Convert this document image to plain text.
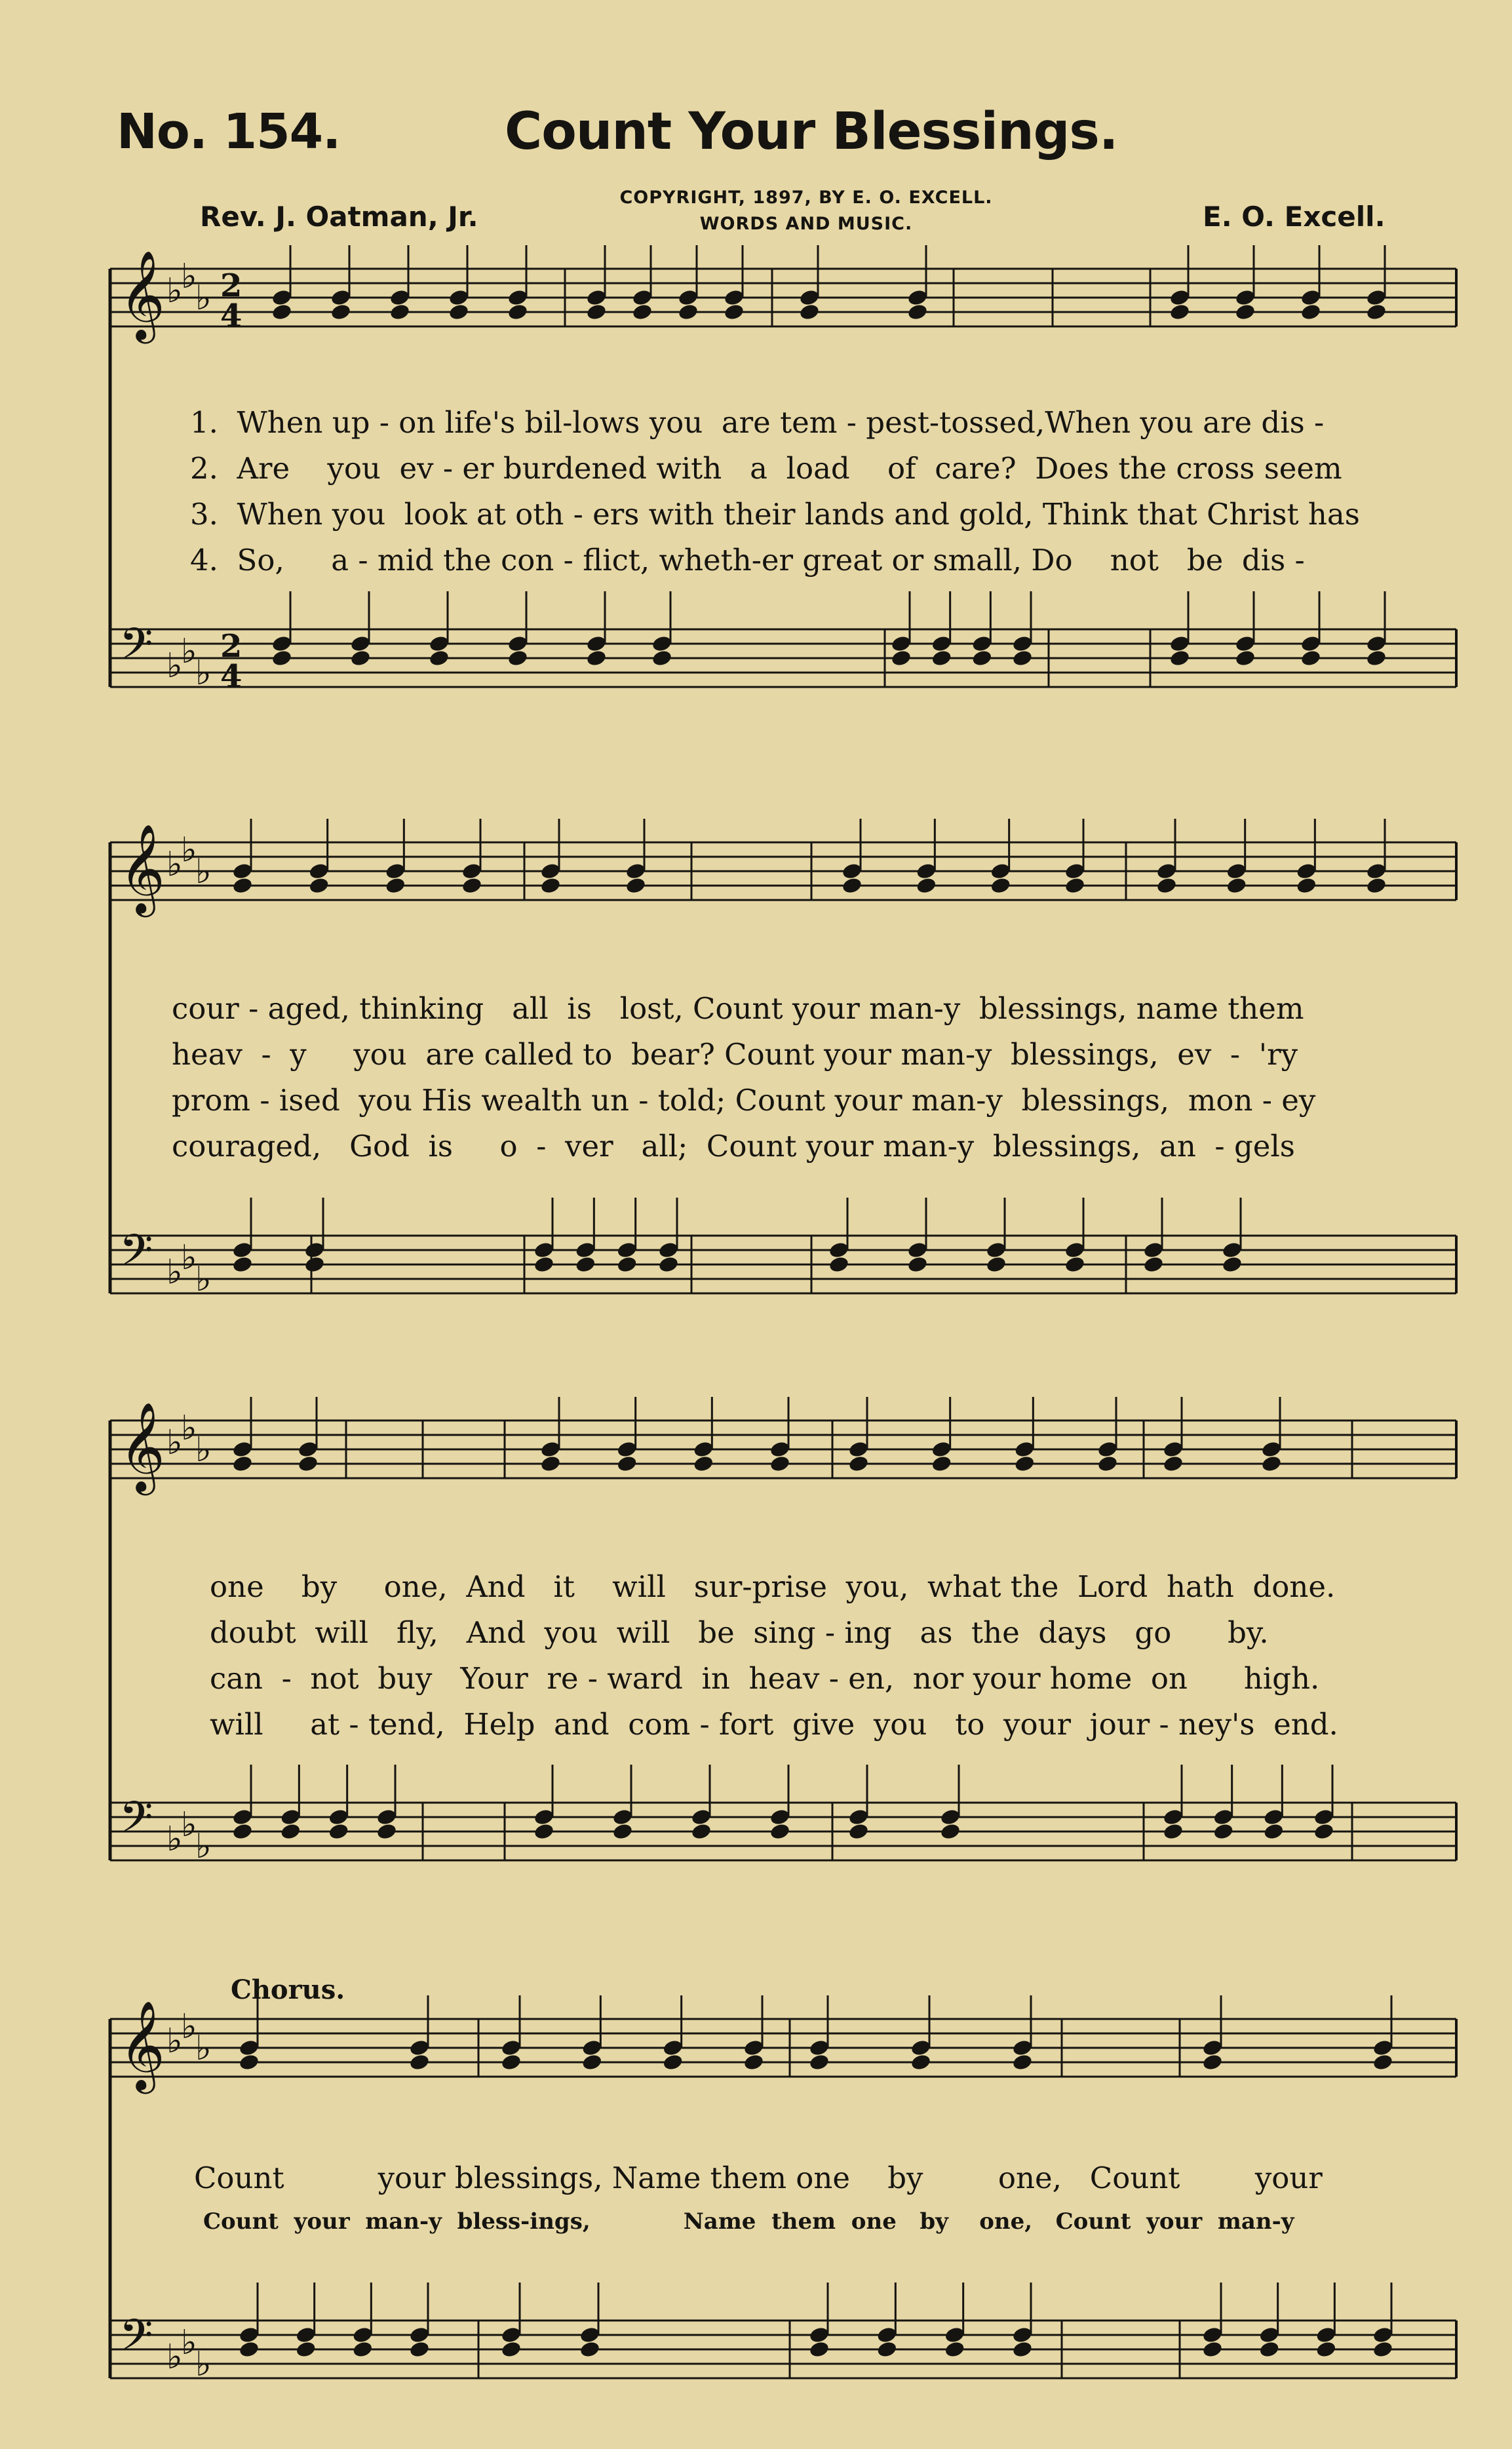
No. 154.	Count Your Blessings.
Rev. J. Oatman, Jr.
COPYRIGHT, 1897, BY E. O. EXCELL.
WORDS AND MUSIC.	E. O. Excell.
𝄞 ♭
♭
♭ 2
4
𝄢 ♭
♭
♭
2
4
𝄞 ♭
♭
♭
𝄢 ♭
♭
♭
𝄞 ♭
♭
♭
𝄢 ♭
♭
♭
𝄞 ♭
♭
♭
𝄢 ♭
♭
♭
1.  When up - on life's bil-lows you  are tem - pest-tossed,When you are dis -
2.  Are    you  ev - er burdened with   a  load    of  care?  Does the cross seem
3.  When you  look at oth - ers with their lands and gold, Think that Christ has
4.  So,     a - mid the con - flict, wheth-er great or small, Do    not   be  dis -
cour - aged, thinking   all  is   lost, Count your man-y  blessings, name them
heav  -  y     you  are called to  bear? Count your man-y  blessings,  ev  -  'ry
prom - ised  you His wealth un - told; Count your man-y  blessings,  mon - ey
couraged,   God  is     o  -  ver   all;  Count your man-y  blessings,  an  - gels
one    by     one,  And   it    will   sur-prise  you,  what the  Lord  hath  done.
doubt  will   fly,   And  you  will   be  sing - ing   as  the  days   go      by.
can  -  not  buy   Your  re - ward  in  heav - en,  nor your home  on      high.
will     at - tend,  Help  and  com - fort  give  you   to  your  jour - ney's  end.
Chorus.
Count          your blessings, Name them one    by        one,   Count        your
Count  your  man-y  bless-ings,            Name  them  one   by    one,   Count  your  man-y
